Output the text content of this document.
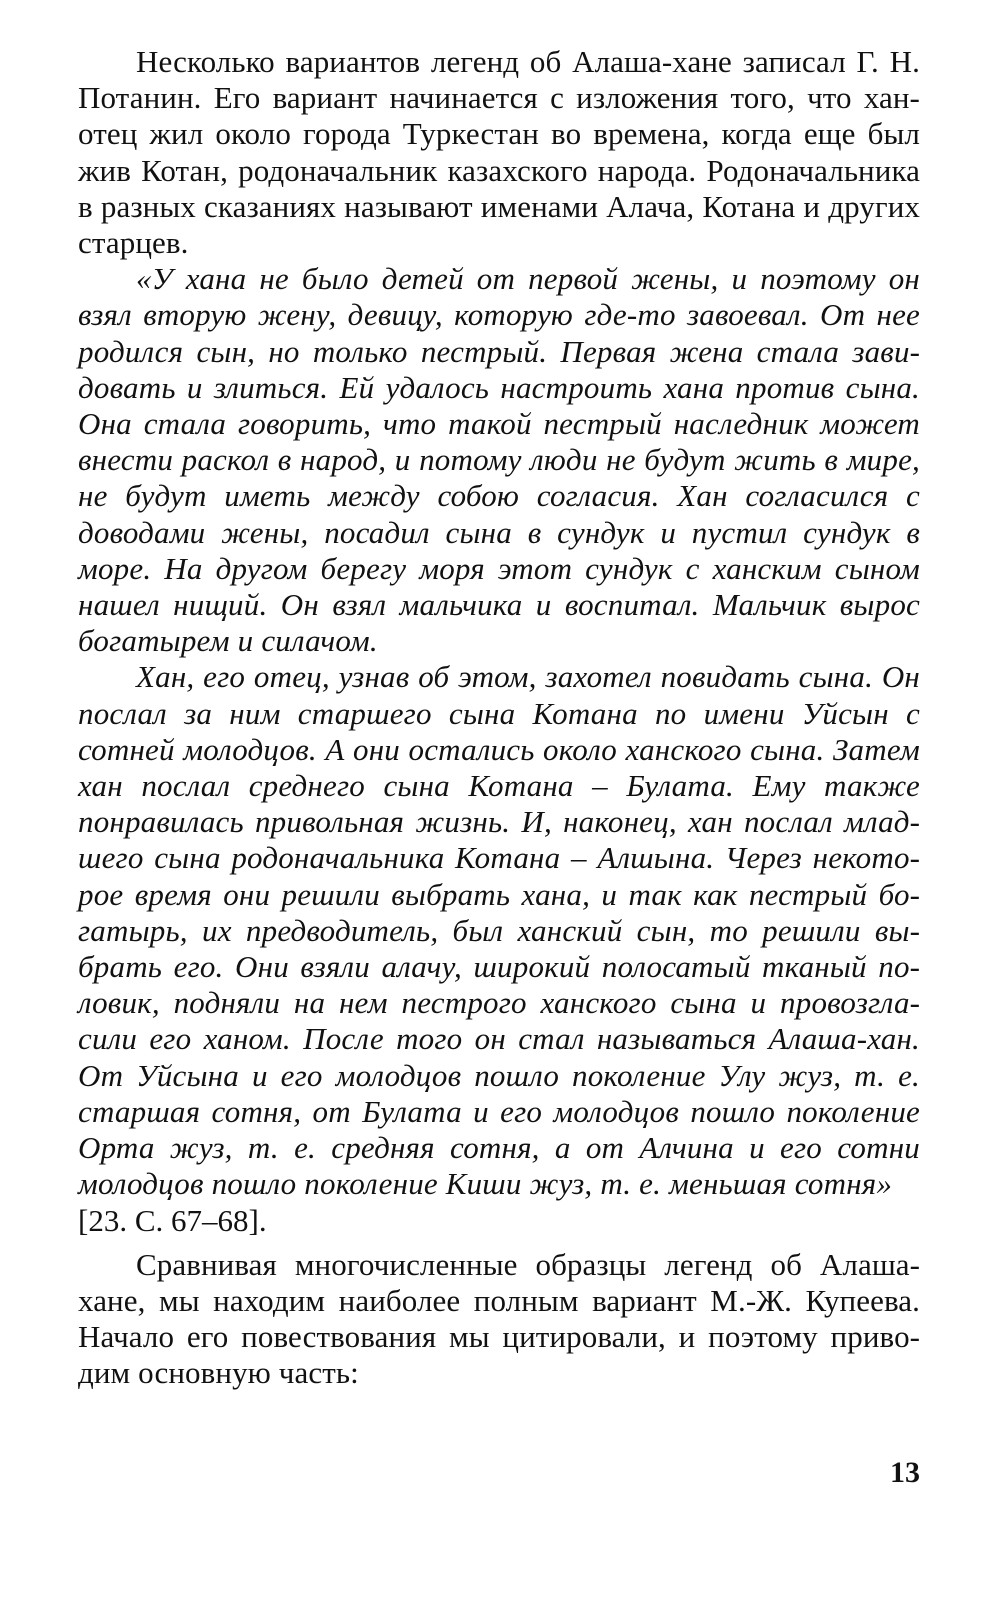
Несколько вариантов легенд об Алаша-хане записал Г. Н. Потанин. Его вариант начинается с изложения того, что хан-отец жил около города Туркестан во времена, когда еще был жив Котан, родоначальник казахского народа. Родоначальника в разных сказаниях называют именами Алача, Котана и других старцев.

«У хана не было детей от первой жены, и поэтому он взял вторую жену, девицу, которую где-то завоевал. От нее родился сын, но только пестрый. Первая жена стала завидовать и злиться. Ей удалось настроить хана против сына. Она стала говорить, что такой пестрый наследник может внести раскол в народ, и потому люди не будут жить в мире, не будут иметь между собою согласия. Хан согласился с доводами жены, посадил сына в сундук и пустил сундук в море. На другом берегу моря этот сундук с ханским сыном нашел нищий. Он взял мальчика и воспитал. Мальчик вырос богатырем и силачом.

Хан, его отец, узнав об этом, захотел повидать сына. Он послал за ним старшего сына Котана по имени Уйсын с сотней молодцов. А они остались около ханского сына. Затем хан послал среднего сына Котана – Булата. Ему также понравилась привольная жизнь. И, наконец, хан послал младшего сына родоначальника Котана – Алшына. Через некоторое время они решили выбрать хана, и так как пестрый богатырь, их предводитель, был ханский сын, то решили выбрать его. Они взяли алачу, широкий полосатый тканый половик, подняли на нем пестрого ханского сына и провозгласили его ханом. После того он стал называться Алаша-хан. От Уйсына и его молодцов пошло поколение Улу жуз, т. е. старшая сотня, от Булата и его молодцов пошло поколение Орта жуз, т. е. средняя сотня, а от Алчина и его сотни молодцов пошло поколение Киши жуз, т. е. меньшая сотня»

[23. С. 67–68].

Сравнивая многочисленные образцы легенд об Алашахане, мы находим наиболее полным вариант М.-Ж. Купеева. Начало его повествования мы цитировали, и поэтому приводим основную часть:

13
